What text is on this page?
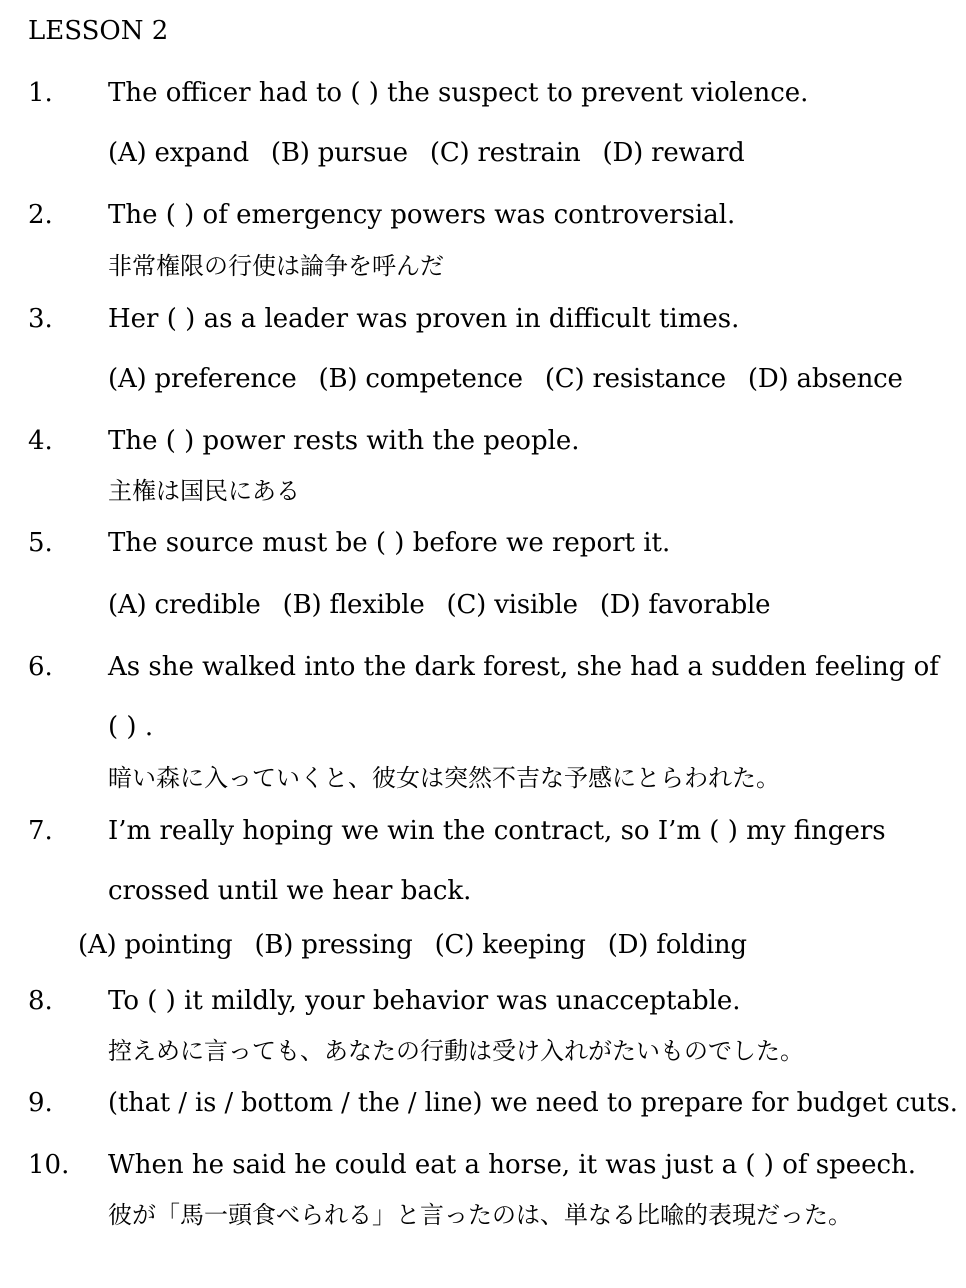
LESSON 2
1. The officer had to ( ) the suspect to prevent violence.
(A) expand (B) pursue (C) restrain (D) reward
2. The ( ) of emergency powers was controversial.
非常権限の行使は論争を呼んだ
3. Her ( ) as a leader was proven in difficult times.
(A) preference (B) competence (C) resistance (D) absence
4. The ( ) power rests with the people.
主権は国民にある
5. The source must be ( ) before we report it.
(A) credible (B) flexible (C) visible (D) favorable
6. As she walked into the dark forest, she had a sudden feeling of
( ) .
暗い森に入っていくと、彼女は突然不吉な予感にとらわれた。
7. I’m really hoping we win the contract, so I’m ( ) my fingers
crossed until we hear back.
(A) pointing (B) pressing (C) keeping (D) folding
8. To ( ) it mildly, your behavior was unacceptable.
控えめに言っても、あなたの行動は受け入れがたいものでした。
9. (that / is / bottom / the / line) we need to prepare for budget cuts.
10. When he said he could eat a horse, it was just a ( ) of speech.
彼が「馬一頭食べられる」と言ったのは、単なる比喩的表現だった。
